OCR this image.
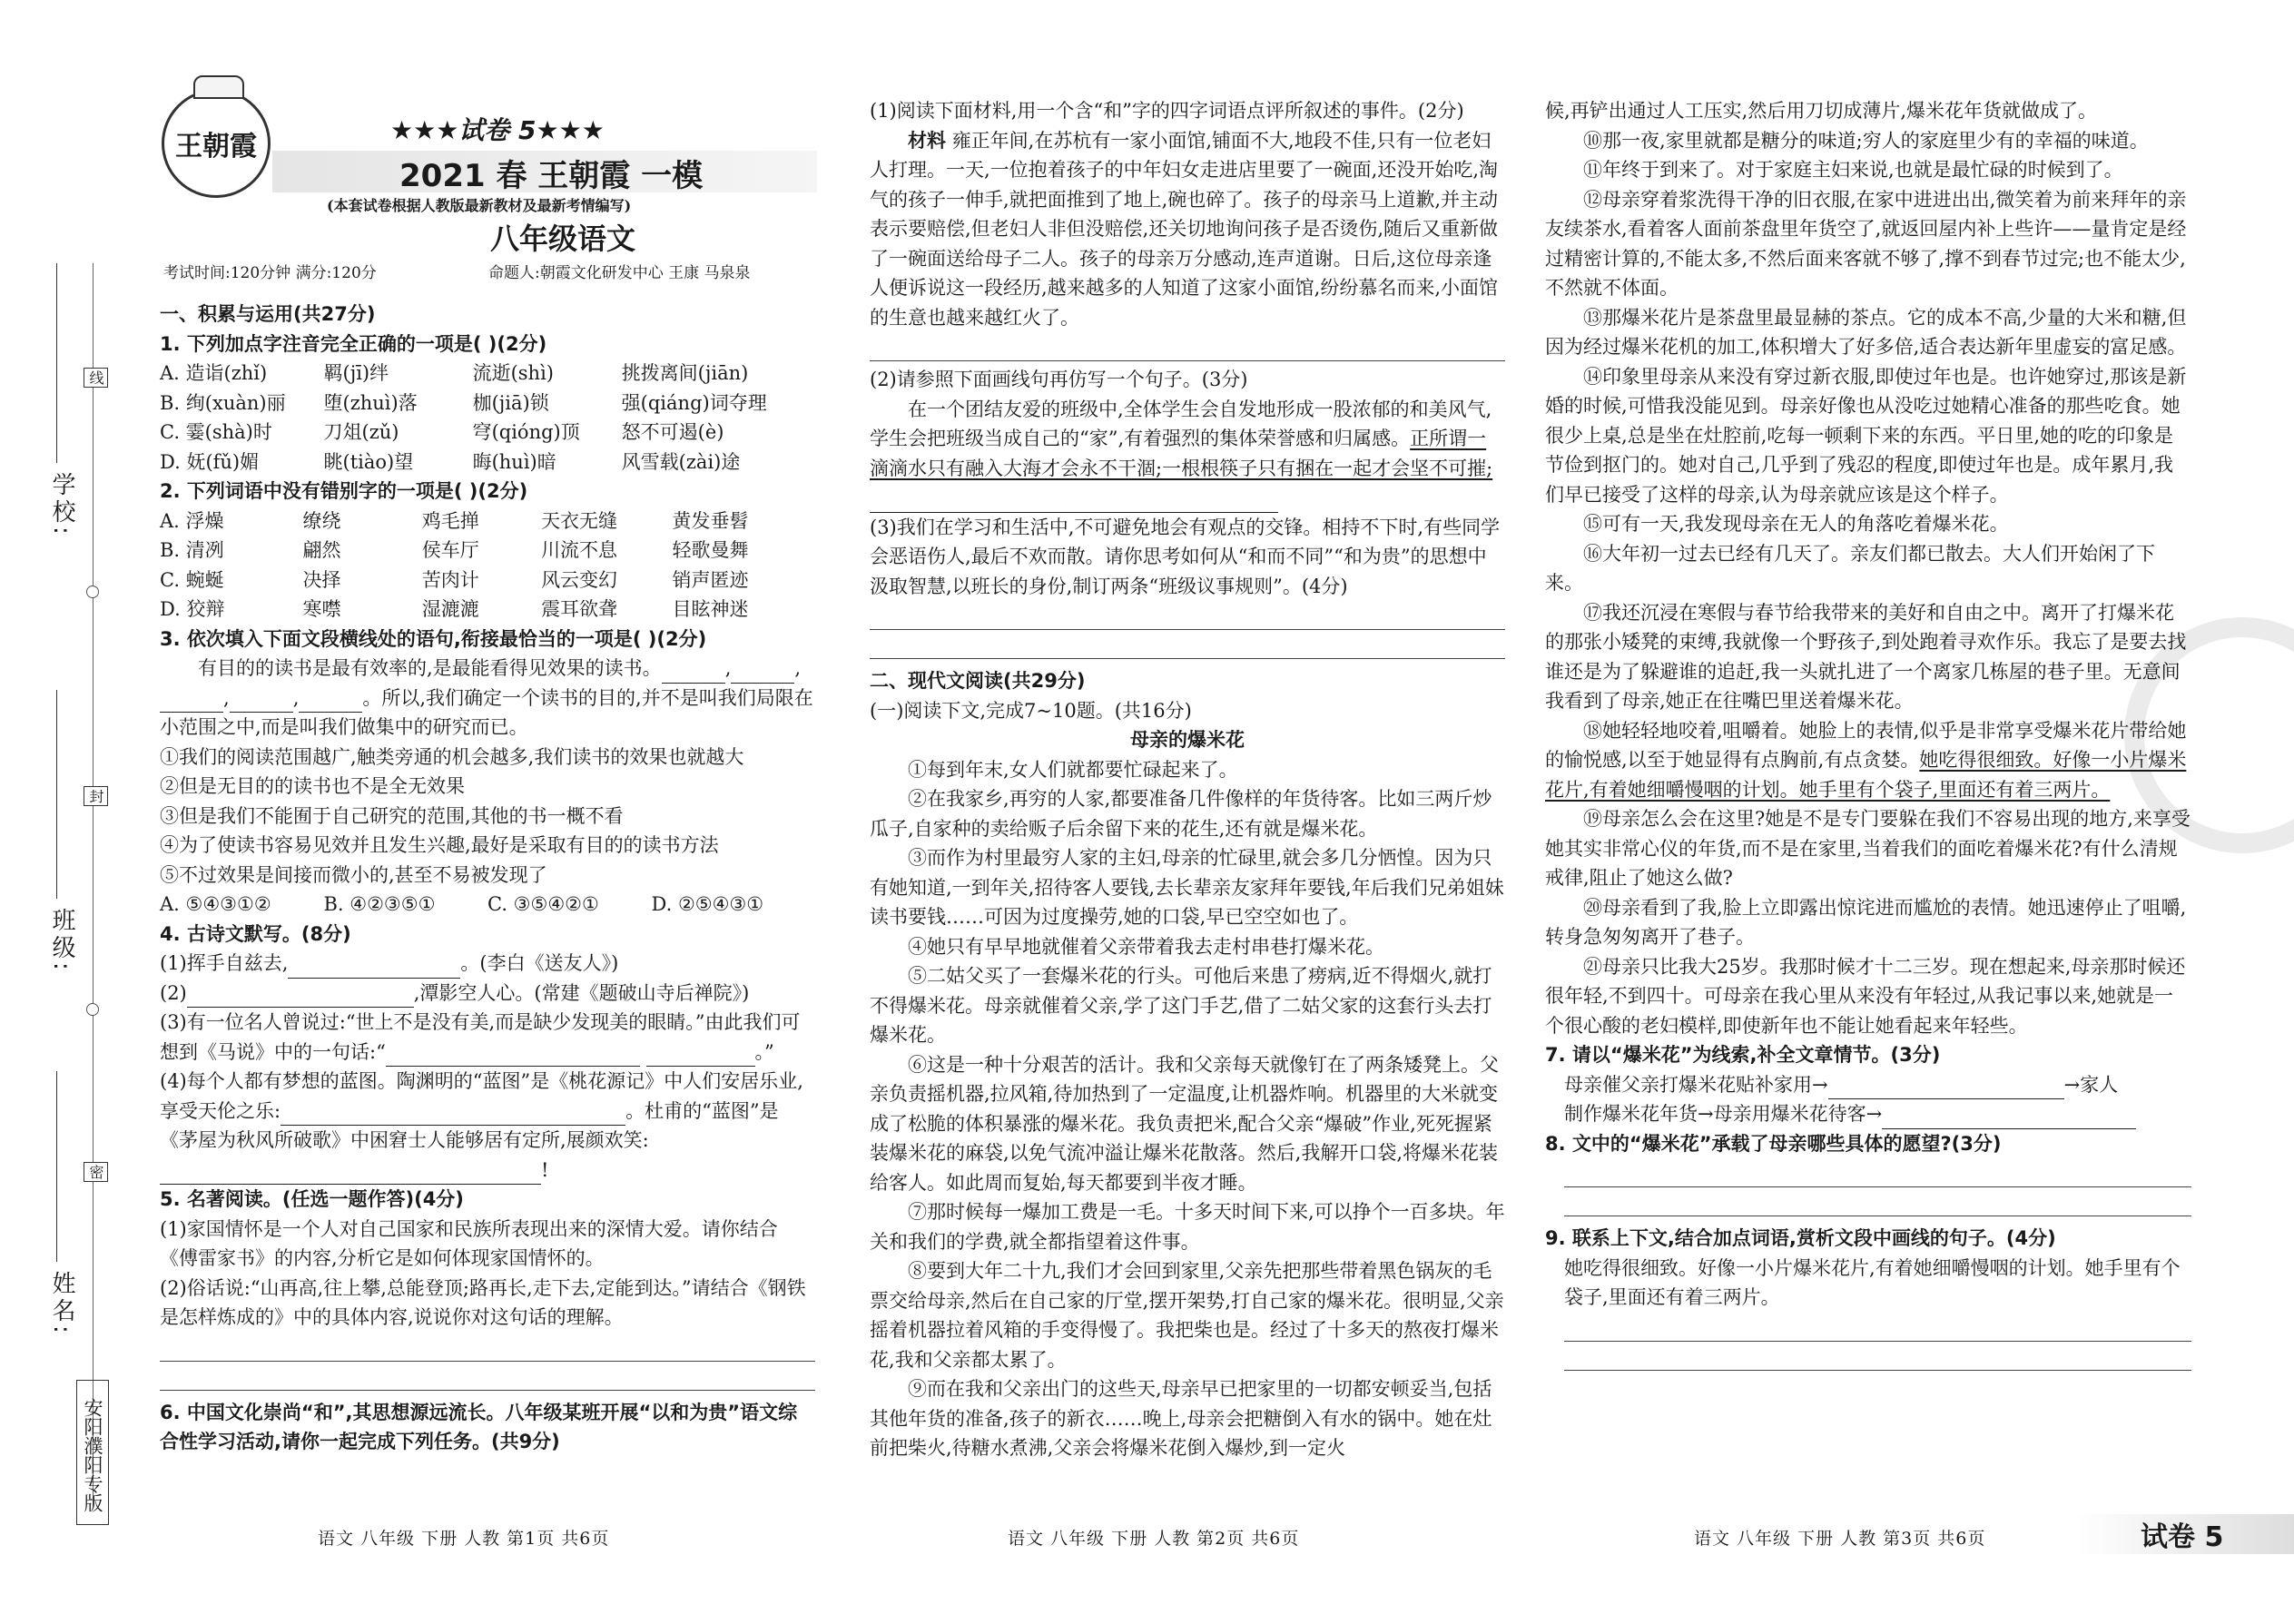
学校:
班级:
姓名:
线
封
密
安阳濮阳专版
王朝霞
★★★试卷 5★★★
2021 春 王朝霞 一模
(本套试卷根据人教版最新教材及最新考情编写)
八年级语文
考试时间:120分钟 满分:120分	命题人:朝霞文化研发中心 王康 马泉泉

一、积累与运用(共27分)

1. 下列加点字注音完全正确的一项是( )(2分)

A. 造诣(zhǐ)	羁(jī)绊	流逝(shì)	挑拨离间(jiān)
B. 绚(xuàn)丽	堕(zhuì)落	枷(jiā)锁	强(qiáng)词夺理
C. 霎(shà)时	刀俎(zǔ)	穹(qióng)顶	怒不可遏(è)
D. 妩(fǔ)媚	眺(tiào)望	晦(huì)暗	风雪载(zài)途

2. 下列词语中没有错别字的一项是( )(2分)

A. 浮燥	缭绕	鸡毛掸	天衣无缝	黄发垂髫
B. 清冽	翩然	侯车厅	川流不息	轻歌曼舞
C. 蜿蜒	决择	苦肉计	风云变幻	销声匿迹
D. 狡辩	寒噤	湿漉漉	震耳欲聋	目眩神迷

3. 依次填入下面文段横线处的语句,衔接最恰当的一项是( )(2分)

有目的的读书是最有效率的,是最能看得见效果的读书。	,	,,	,	。所以,我们确定一个读书的目的,并不是叫我们局限在小范围之中,而是叫我们做集中的研究而已。

①我们的阅读范围越广,触类旁通的机会越多,我们读书的效果也就越大

②但是无目的的读书也不是全无效果

③但是我们不能囿于自己研究的范围,其他的书一概不看

④为了使读书容易见效并且发生兴趣,最好是采取有目的的读书方法

⑤不过效果是间接而微小的,甚至不易被发现了

A. ⑤④③①②	B. ④②③⑤①	C. ③⑤④②①	D. ②⑤④③①

4. 古诗文默写。(8分)

(1)挥手自兹去,	。(李白《送友人》)

(2)	,潭影空人心。(常建《题破山寺后禅院》)

(3)有一位名人曾说过:“世上不是没有美,而是缺少发现美的眼睛。”由此我们可想到《马说》中的一句话:“	。”

(4)每个人都有梦想的蓝图。陶渊明的“蓝图”是《桃花源记》中人们安居乐业,享受天伦之乐:	。杜甫的“蓝图”是《茅屋为秋风所破歌》中困窘士人能够居有定所,展颜欢笑:!

5. 名著阅读。(任选一题作答)(4分)

(1)家国情怀是一个人对自己国家和民族所表现出来的深情大爱。请你结合《傅雷家书》的内容,分析它是如何体现家国情怀的。

(2)俗话说:“山再高,往上攀,总能登顶;路再长,走下去,定能到达。”请结合《钢铁是怎样炼成的》中的具体内容,说说你对这句话的理解。

6. 中国文化崇尚“和”,其思想源远流长。八年级某班开展“以和为贵”语文综合性学习活动,请你一起完成下列任务。(共9分)

语文 八年级 下册 人教 第1页 共6页

(1)阅读下面材料,用一个含“和”字的四字词语点评所叙述的事件。(2分)

材料 雍正年间,在苏杭有一家小面馆,铺面不大,地段不佳,只有一位老妇人打理。一天,一位抱着孩子的中年妇女走进店里要了一碗面,还没开始吃,淘气的孩子一伸手,就把面推到了地上,碗也碎了。孩子的母亲马上道歉,并主动表示要赔偿,但老妇人非但没赔偿,还关切地询问孩子是否烫伤,随后又重新做了一碗面送给母子二人。孩子的母亲万分感动,连声道谢。日后,这位母亲逢人便诉说这一段经历,越来越多的人知道了这家小面馆,纷纷慕名而来,小面馆的生意也越来越红火了。

(2)请参照下面画线句再仿写一个句子。(3分)

在一个团结友爱的班级中,全体学生会自发地形成一股浓郁的和美风气,学生会把班级当成自己的“家”,有着强烈的集体荣誉感和归属感。正所谓一滴滴水只有融入大海才会永不干涸;一根根筷子只有捆在一起才会坚不可摧;

(3)我们在学习和生活中,不可避免地会有观点的交锋。相持不下时,有些同学会恶语伤人,最后不欢而散。请你思考如何从“和而不同”“和为贵”的思想中汲取智慧,以班长的身份,制订两条“班级议事规则”。(4分)

二、现代文阅读(共29分)

(一)阅读下文,完成7~10题。(共16分)

母亲的爆米花

①每到年末,女人们就都要忙碌起来了。

②在我家乡,再穷的人家,都要准备几件像样的年货待客。比如三两斤炒瓜子,自家种的卖给贩子后余留下来的花生,还有就是爆米花。

③而作为村里最穷人家的主妇,母亲的忙碌里,就会多几分恓惶。因为只有她知道,一到年关,招待客人要钱,去长辈亲友家拜年要钱,年后我们兄弟姐妹读书要钱……可因为过度操劳,她的口袋,早已空空如也了。

④她只有早早地就催着父亲带着我去走村串巷打爆米花。

⑤二姑父买了一套爆米花的行头。可他后来患了痨病,近不得烟火,就打不得爆米花。母亲就催着父亲,学了这门手艺,借了二姑父家的这套行头去打爆米花。

⑥这是一种十分艰苦的活计。我和父亲每天就像钉在了两条矮凳上。父亲负责摇机器,拉风箱,待加热到了一定温度,让机器炸响。机器里的大米就变成了松脆的体积暴涨的爆米花。我负责把米,配合父亲“爆破”作业,死死握紧装爆米花的麻袋,以免气流冲溢让爆米花散落。然后,我解开口袋,将爆米花装给客人。如此周而复始,每天都要到半夜才睡。

⑦那时候每一爆加工费是一毛。十多天时间下来,可以挣个一百多块。年关和我们的学费,就全都指望着这件事。

⑧要到大年二十九,我们才会回到家里,父亲先把那些带着黑色锅灰的毛票交给母亲,然后在自己家的厅堂,摆开架势,打自己家的爆米花。很明显,父亲摇着机器拉着风箱的手变得慢了。我把柴也是。经过了十多天的熬夜打爆米花,我和父亲都太累了。

⑨而在我和父亲出门的这些天,母亲早已把家里的一切都安顿妥当,包括其他年货的准备,孩子的新衣……晚上,母亲会把糖倒入有水的锅中。她在灶前把柴火,待糖水煮沸,父亲会将爆米花倒入爆炒,到一定火

语文 八年级 下册 人教 第2页 共6页

候,再铲出通过人工压实,然后用刀切成薄片,爆米花年货就做成了。

⑩那一夜,家里就都是糖分的味道;穷人的家庭里少有的幸福的味道。

⑪年终于到来了。对于家庭主妇来说,也就是最忙碌的时候到了。

⑫母亲穿着浆洗得干净的旧衣服,在家中进进出出,微笑着为前来拜年的亲友续茶水,看着客人面前茶盘里年货空了,就返回屋内补上些许——量肯定是经过精密计算的,不能太多,不然后面来客就不够了,撑不到春节过完;也不能太少,不然就不体面。

⑬那爆米花片是茶盘里最显赫的茶点。它的成本不高,少量的大米和糖,但因为经过爆米花机的加工,体积增大了好多倍,适合表达新年里虚妄的富足感。

⑭印象里母亲从来没有穿过新衣服,即使过年也是。也许她穿过,那该是新婚的时候,可惜我没能见到。母亲好像也从没吃过她精心准备的那些吃食。她很少上桌,总是坐在灶腔前,吃每一顿剩下来的东西。平日里,她的吃的印象是节俭到抠门的。她对自己,几乎到了残忍的程度,即使过年也是。成年累月,我们早已接受了这样的母亲,认为母亲就应该是这个样子。

⑮可有一天,我发现母亲在无人的角落吃着爆米花。

⑯大年初一过去已经有几天了。亲友们都已散去。大人们开始闲了下来。

⑰我还沉浸在寒假与春节给我带来的美好和自由之中。离开了打爆米花的那张小矮凳的束缚,我就像一个野孩子,到处跑着寻欢作乐。我忘了是要去找谁还是为了躲避谁的追赶,我一头就扎进了一个离家几栋屋的巷子里。无意间我看到了母亲,她正在往嘴巴里送着爆米花。

⑱她轻轻地咬着,咀嚼着。她脸上的表情,似乎是非常享受爆米花片带给她的愉悦感,以至于她显得有点胸前,有点贪婪。她吃得很细致。好像一小片爆米花片,有着她细嚼慢咽的计划。她手里有个袋子,里面还有着三两片。

⑲母亲怎么会在这里?她是不是专门要躲在我们不容易出现的地方,来享受她其实非常心仪的年货,而不是在家里,当着我们的面吃着爆米花?有什么清规戒律,阻止了她这么做?

⑳母亲看到了我,脸上立即露出惊诧进而尴尬的表情。她迅速停止了咀嚼,转身急匆匆离开了巷子。

㉑母亲只比我大25岁。我那时候才十二三岁。现在想起来,母亲那时候还很年轻,不到四十。可母亲在我心里从来没有年轻过,从我记事以来,她就是一个很心酸的老妇模样,即使新年也不能让她看起来年轻些。

7. 请以“爆米花”为线索,补全文章情节。(3分)

母亲催父亲打爆米花贴补家用→	→家人

制作爆米花年货→母亲用爆米花待客→

8. 文中的“爆米花”承载了母亲哪些具体的愿望?(3分)

9. 联系上下文,结合加点词语,赏析文段中画线的句子。(4分)

她吃得很细致。好像一小片爆米花片,有着她细嚼慢咽的计划。她手里有个袋子,里面还有着三两片。

语文 八年级 下册 人教 第3页 共6页	试卷 5
